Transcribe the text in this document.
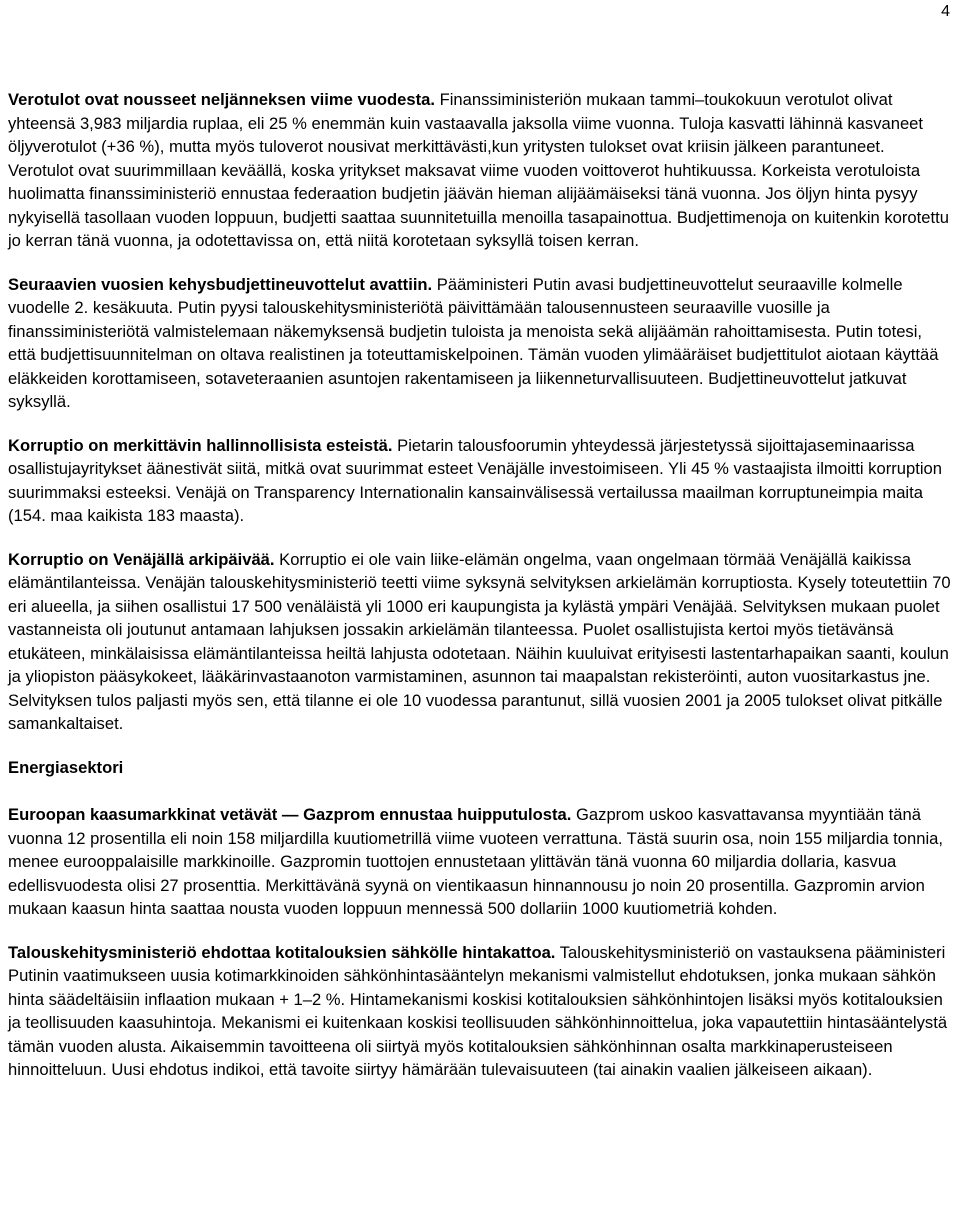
4

Verotulot ovat nousseet neljänneksen viime vuodesta. Finanssiministeriön mukaan tammi–toukokuun verotulot olivat yhteensä 3,983 miljardia ruplaa, eli 25 % enemmän kuin vastaavalla jaksolla viime vuonna. Tuloja kasvatti lähinnä kasvaneet öljyverotulot (+36 %), mutta myös tuloverot nousivat merkittävästi,kun yritysten tulokset ovat kriisin jälkeen parantuneet. Verotulot ovat suurimmillaan keväällä, koska yritykset maksavat viime vuoden voittoverot huhtikuussa. Korkeista verotuloista huolimatta finanssiministeriö ennustaa federaation budjetin jäävän hieman alijäämäiseksi tänä vuonna. Jos öljyn hinta pysyy nykyisellä tasollaan vuoden loppuun, budjetti saattaa suunnitetuilla menoilla tasapainottua. Budjettimenoja on kuitenkin korotettu jo kerran tänä vuonna, ja odotettavissa on, että niitä korotetaan syksyllä toisen kerran.

Seuraavien vuosien kehysbudjettineuvottelut avattiin. Pääministeri Putin avasi budjettineuvottelut seuraaville kolmelle vuodelle 2. kesäkuuta. Putin pyysi talouskehitysministeriötä päivittämään talousennusteen seuraaville vuosille ja finanssiministeriötä valmistelemaan näkemyksensä budjetin tuloista ja menoista sekä alijäämän rahoittamisesta. Putin totesi, että budjettisuunnitelman on oltava realistinen ja toteuttamiskelpoinen. Tämän vuoden ylimääräiset budjettitulot aiotaan käyttää eläkkeiden korottamiseen, sotaveteraanien asuntojen rakentamiseen ja liikenneturvallisuuteen. Budjettineuvottelut jatkuvat syksyllä.

Korruptio on merkittävin hallinnollisista esteistä. Pietarin talousfoorumin yhteydessä järjestetyssä sijoittajaseminaarissa osallistujayritykset äänestivät siitä, mitkä ovat suurimmat esteet Venäjälle investoimiseen. Yli 45 % vastaajista ilmoitti korruption suurimmaksi esteeksi. Venäjä on Transparency Internationalin kansainvälisessä vertailussa maailman korruptuneimpia maita (154. maa kaikista 183 maasta).

Korruptio on Venäjällä arkipäivää. Korruptio ei ole vain liike-elämän ongelma, vaan ongelmaan törmää Venäjällä kaikissa elämäntilanteissa. Venäjän talouskehitysministeriö teetti viime syksynä selvityksen arkielämän korruptiosta. Kysely toteutettiin 70 eri alueella, ja siihen osallistui 17 500 venäläistä yli 1000 eri kaupungista ja kylästä ympäri Venäjää. Selvityksen mukaan puolet vastanneista oli joutunut antamaan lahjuksen jossakin arkielämän tilanteessa. Puolet osallistujista kertoi myös tietävänsä etukäteen, minkälaisissa elämäntilanteissa heiltä lahjusta odotetaan. Näihin kuuluivat erityisesti lastentarhapaikan saanti, koulun ja yliopiston pääsykokeet, lääkärinvastaanoton varmistaminen, asunnon tai maapalstan rekisteröinti, auton vuositarkastus jne. Selvityksen tulos paljasti myös sen, että tilanne ei ole 10 vuodessa parantunut, sillä vuosien 2001 ja 2005 tulokset olivat pitkälle samankaltaiset.

Energiasektori

Euroopan kaasumarkkinat vetävät — Gazprom ennustaa huipputulosta. Gazprom uskoo kasvattavansa myyntiään tänä vuonna 12 prosentilla eli noin 158 miljardilla kuutiometrillä viime vuoteen verrattuna. Tästä suurin osa, noin 155 miljardia tonnia, menee eurooppalaisille markkinoille. Gazpromin tuottojen ennustetaan ylittävän tänä vuonna 60 miljardia dollaria, kasvua edellisvuodesta olisi 27 prosenttia. Merkittävänä syynä on vientikaasun hinnannousu jo noin 20 prosentilla. Gazpromin arvion mukaan kaasun hinta saattaa nousta vuoden loppuun mennessä 500 dollariin 1000 kuutiometriä kohden.

Talouskehitysministeriö ehdottaa kotitalouksien sähkölle hintakattoa. Talouskehitysministeriö on vastauksena pääministeri Putinin vaatimukseen uusia kotimarkkinoiden sähkönhintasääntelyn mekanismi valmistellut ehdotuksen, jonka mukaan sähkön hinta säädeltäisiin inflaation mukaan + 1–2 %. Hintamekanismi koskisi kotitalouksien sähkönhintojen lisäksi myös kotitalouksien ja teollisuuden kaasuhintoja. Mekanismi ei kuitenkaan koskisi teollisuuden sähkönhinnoittelua, joka vapautettiin hintasääntelystä tämän vuoden alusta. Aikaisemmin tavoitteena oli siirtyä myös kotitalouksien sähkönhinnan osalta markkinaperusteiseen hinnoitteluun. Uusi ehdotus indikoi, että tavoite siirtyy hämärään tulevaisuuteen (tai ainakin vaalien jälkeiseen aikaan).
